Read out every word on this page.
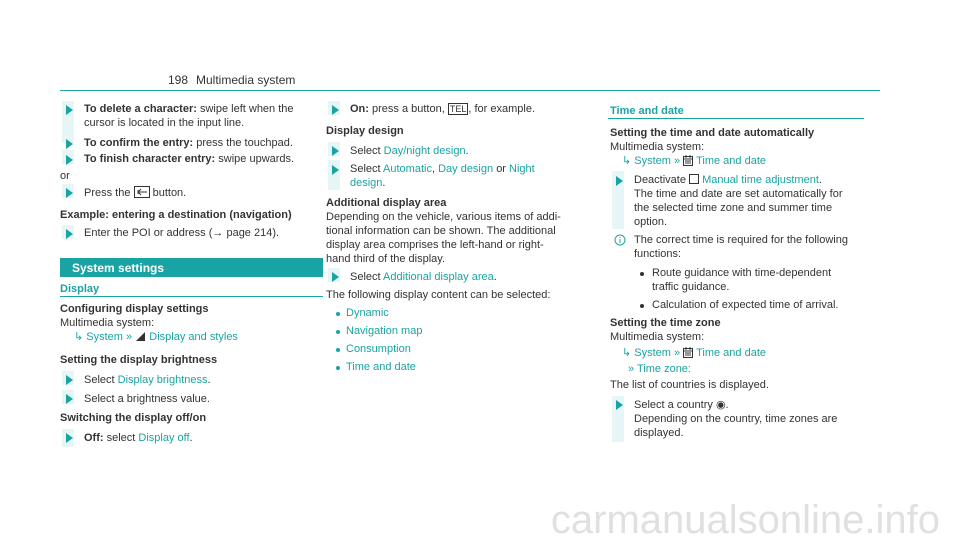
198 Multimedia system
To delete a character: swipe left when the
cursor is located in the input line.
To confirm the entry: press the touchpad.
To finish character entry: swipe upwards.
or
Press the button.
Example: entering a destination (navigation)
Enter the POI or address (→ page 214).
System settings
Display
Configuring display settings
Multimedia system:
↳ System » Display and styles
Setting the display brightness
Select Display brightness.
Select a brightness value.
Switching the display off/on
Off: select Display off.
On: press a button, TEL , for example.
Display design
Select Day/night design.
Select Automatic, Day design or Night
design.
Additional display area
Depending on the vehicle, various items of addi-
tional information can be shown. The additional
display area comprises the left-hand or right-
hand third of the display.
Select Additional display area.
The following display content can be selected:
Dynamic
Navigation map
Consumption
Time and date
Time and date
Setting the time and date automatically
Multimedia system:
↳ System » Time and date
Deactivate Manual time adjustment.
The time and date are set automatically for
the selected time zone and summer time
option.
The correct time is required for the following
functions:
Route guidance with time-dependent
traffic guidance.
Calculation of expected time of arrival.
Setting the time zone
Multimedia system:
↳ System » Time and date
» Time zone:
The list of countries is displayed.
Select a country ◉.
Depending on the country, time zones are
displayed.
carmanualsonline.info
